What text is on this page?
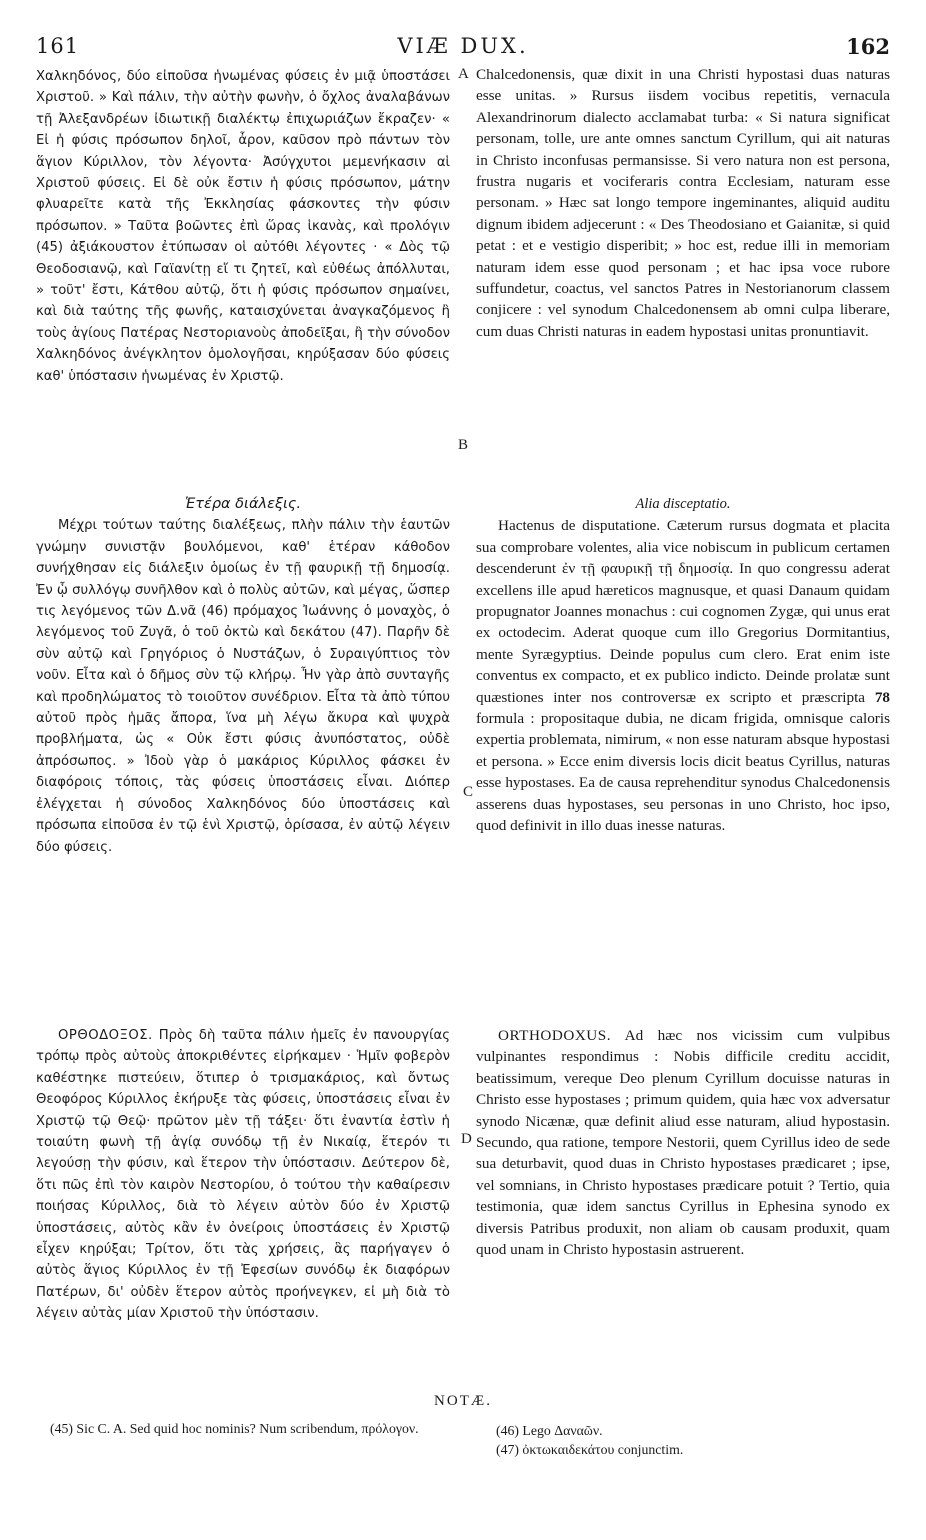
161	VIÆ DUX.	162
A
B
C
D

Χαλκηδόνος, δύο εἰποῦσα ἡνωμένας φύσεις ἐν μιᾷ ὑποστάσει Χριστοῦ. » Καὶ πάλιν, τὴν αὐτὴν φωνὴν, ὁ ὄχλος ἀναλαβάνων τῇ Ἀλεξανδρέων ἰδιωτικῇ διαλέκτῳ ἐπιχωριάζων ἔκραζεν· « Εἰ ἡ φύσις πρόσωπον δηλοῖ, ἆρον, καῦσον πρὸ πάντων τὸν ἅγιον Κύριλλον, τὸν λέγοντα· Ἀσύγχυτοι μεμενήκασιν αἱ Χριστοῦ φύσεις. Εἰ δὲ οὐκ ἔστιν ἡ φύσις πρόσωπον, μάτην φλυαρεῖτε κατὰ τῆς Ἐκκλησίας φάσκοντες τὴν φύσιν πρόσωπον. » Ταῦτα βοῶντες ἐπὶ ὥρας ἱκανὰς, καὶ προλόγιν (45) ἀξιάκουστον ἐτύπωσαν οἱ αὐτόθι λέγοντες · « Δὸς τῷ Θεοδοσιανῷ, καὶ Γαϊανίτῃ εἴ τι ζητεῖ, καὶ εὐθέως ἀπόλλυται, » τοῦτ' ἔστι, Κάτθου αὐτῷ, ὅτι ἡ φύσις πρόσωπον σημαίνει, καὶ διὰ ταύτης τῆς φωνῆς, καταισχύνεται ἀναγκαζόμενος ἢ τοὺς ἁγίους Πατέρας Νεστοριανοὺς ἀποδεῖξαι, ἢ τὴν σύνοδον Χαλκηδόνος ἀνέγκλητον ὁμολογῆσαι, κηρύξασαν δύο φύσεις καθ' ὑπόστασιν ἡνωμένας ἐν Χριστῷ.

Ἑτέρα διάλεξις.

Μέχρι τούτων ταύτης διαλέξεως, πλὴν πάλιν τὴν ἑαυτῶν γνώμην συνιστᾷν βουλόμενοι, καθ' ἑτέραν κάθοδον συνήχθησαν εἰς διάλεξιν ὁμοίως ἐν τῇ φαυρικῇ τῇ δημοσίᾳ. Ἐν ᾧ συλλόγῳ συνῆλθον καὶ ὁ πολὺς αὐτῶν, καὶ μέγας, ὥσπερ τις λεγόμενος τῶν Δ.νᾶ (46) πρόμαχος Ἰωάννης ὁ μοναχὸς, ὁ λεγόμενος τοῦ Ζυγᾶ, ὁ τοῦ ὀκτὼ καὶ δεκάτου (47). Παρῆν δὲ σὺν αὐτῷ καὶ Γρηγόριος ὁ Νυστάζων, ὁ Συραιγύπτιος τὸν νοῦν. Εἶτα καὶ ὁ δῆμος σὺν τῷ κλήρῳ. Ἦν γὰρ ἀπὸ συνταγῆς καὶ προδηλώματος τὸ τοιοῦτον συνέδριον. Εἶτα τὰ ἀπὸ τύπου αὐτοῦ πρὸς ἡμᾶς ἄπορα, ἵνα μὴ λέγω ἄκυρα καὶ ψυχρὰ προβλήματα, ὡς « Οὐκ ἔστι φύσις ἀνυπόστατος, οὐδὲ ἀπρόσωπος. » Ἰδοὺ γὰρ ὁ μακάριος Κύριλλος φάσκει ἐν διαφόροις τόποις, τὰς φύσεις ὑποστάσεις εἶναι. Διόπερ ἐλέγχεται ἡ σύνοδος Χαλκηδόνος δύο ὑποστάσεις καὶ πρόσωπα εἰποῦσα ἐν τῷ ἑνὶ Χριστῷ, ὁρίσασα, ἐν αὐτῷ λέγειν δύο φύσεις.

ΟΡΘΟΔΟΞΟΣ. Πρὸς δὴ ταῦτα πάλιν ἡμεῖς ἐν πανουργίας τρόπῳ πρὸς αὐτοὺς ἀποκριθέντες εἰρήκαμεν · Ἡμῖν φοβερὸν καθέστηκε πιστεύειν, ὅτιπερ ὁ τρισμακάριος, καὶ ὄντως Θεοφόρος Κύριλλος ἐκήρυξε τὰς φύσεις, ὑποστάσεις εἶναι ἐν Χριστῷ τῷ Θεῷ· πρῶτον μὲν τῇ τάξει· ὅτι ἐναντία ἐστὶν ἡ τοιαύτη φωνὴ τῇ ἁγίᾳ συνόδῳ τῇ ἐν Νικαίᾳ, ἕτερόν τι λεγούσῃ τὴν φύσιν, καὶ ἕτερον τὴν ὑπόστασιν. Δεύτερον δὲ, ὅτι πῶς ἐπὶ τὸν καιρὸν Νεστορίου, ὁ τούτου τὴν καθαίρεσιν ποιήσας Κύριλλος, διὰ τὸ λέγειν αὐτὸν δύο ἐν Χριστῷ ὑποστάσεις, αὐτὸς κἂν ἐν ὀνείροις ὑποστάσεις ἐν Χριστῷ εἶχεν κηρύξαι; Τρίτον, ὅτι τὰς χρήσεις, ἃς παρήγαγεν ὁ αὐτὸς ἅγιος Κύριλλος ἐν τῇ Ἐφεσίων συνόδῳ ἐκ διαφόρων Πατέρων, δι' οὐδὲν ἕτερον αὐτὸς προήνεγκεν, εἰ μὴ διὰ τὸ λέγειν αὐτὰς μίαν Χριστοῦ τὴν ὑπόστασιν.

Chalcedonensis, quæ dixit in una Christi hypostasi duas naturas esse unitas. » Rursus iisdem vocibus repetitis, vernacula Alexandrinorum dialecto acclamabat turba: « Si natura significat personam, tolle, ure ante omnes sanctum Cyrillum, qui ait naturas in Christo inconfusas permansisse. Si vero natura non est persona, frustra nugaris et vociferaris contra Ecclesiam, naturam esse personam. » Hæc sat longo tempore ingeminantes, aliquid auditu dignum ibidem adjecerunt : « Des Theodosiano et Gaianitæ, si quid petat : et e vestigio disperibit; » hoc est, redue illi in memoriam naturam idem esse quod personam ; et hac ipsa voce rubore suffundetur, coactus, vel sanctos Patres in Nestorianorum classem conjicere : vel synodum Chalcedonensem ab omni culpa liberare, cum duas Christi naturas in eadem hypostasi unitas pronuntiavit.

Alia disceptatio.

Hactenus de disputatione. Cæterum rursus dogmata et placita sua comprobare volentes, alia vice nobiscum in publicum certamen descenderunt ἐν τῇ φαυρικῇ τῇ δημοσίᾳ. In quo congressu aderat excellens ille apud hæreticos magnusque, et quasi Danaum quidam propugnator Joannes monachus : cui cognomen Zygæ, qui unus erat ex octodecim. Aderat quoque cum illo Gregorius Dormitantius, mente Syrægyptius. Deinde populus cum clero. Erat enim iste conventus ex compacto, et ex publico indicto. Deinde prolatæ sunt quæstiones inter nos controversæ ex scripto et præscripta 78 formula : propositaque dubia, ne dicam frigida, omnisque caloris expertia problemata, nimirum, « non esse naturam absque hypostasi et persona. » Ecce enim diversis locis dicit beatus Cyrillus, naturas esse hypostases. Ea de causa reprehenditur synodus Chalcedonensis asserens duas hypostases, seu personas in uno Christo, hoc ipso, quod definivit in illo duas inesse naturas.

ORTHODOXUS. Ad hæc nos vicissim cum vulpibus vulpinantes respondimus : Nobis difficile creditu accidit, beatissimum, vereque Deo plenum Cyrillum docuisse naturas in Christo esse hypostases ; primum quidem, quia hæc vox adversatur synodo Nicænæ, quæ definit aliud esse naturam, aliud hypostasin. Secundo, qua ratione, tempore Nestorii, quem Cyrillus ideo de sede sua deturbavit, quod duas in Christo hypostases prædicaret ; ipse, vel somnians, in Christo hypostases prædicare potuit ? Tertio, quia testimonia, quæ idem sanctus Cyrillus in Ephesina synodo ex diversis Patribus produxit, non aliam ob causam produxit, quam quod unam in Christo hypostasin astruerent.

NOTÆ.
(45) Sic C. A. Sed quid hoc nominis? Num scribendum, πρόλογον.	(46) Lego Δαναῶν.
(47) ὀκτωκαιδεκάτου conjunctim.
